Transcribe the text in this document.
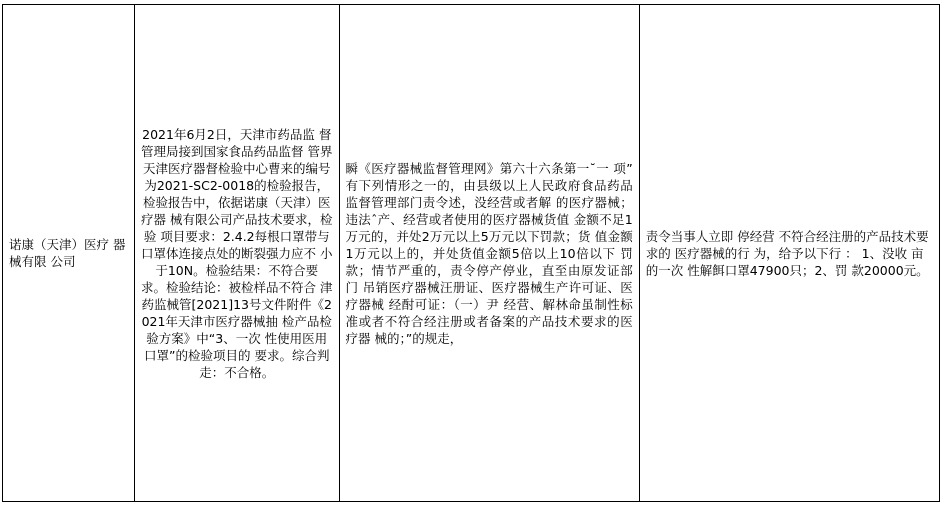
诺康（天津）医疗 器械有限 公司	2021年6月2日，天津市药品监 督管理局接到国家食品药品监督 管界天津医疗器督检验中心曹来的编号为2021-SC2-0018的检验报告，检验报告中，依据诺康（天津）医疗器 械有限公司产品技术要求，检验 项目要求：2.4.2每根口罩带与 口罩体连接点处的断裂强力应不 小于10N。检验结果：不符合要 求。检验结论：被检样品不符合 津药监械管[2021]13号文件附件《2021年天津市医疗器械抽 检产品检验方案》中“3、一次 性使用医用口罩”的检验项目的 要求。综合判走：不合格。	瞬《医疗器械监督管理网》第六十六条第一˘一 项” 有下列情形之一的，由县级以上人民政府食品药品 监督管理部门责令述，没经营或者解 的医疗器械；违法ˆ产、经营或者使用的医疗器械货值 金额不足1万元的，并处2万元以上5万元以下罚款；货 值金额1万元以上的，并处货值金额5倍以上10倍以下 罚款；情节严重的，责令停产停业，直至由原发证部门 吊销医疗器械汪册证、医疗器械生产许可证、医疗器械 经酎可证：（一）尹 经营、解林命虽制性标 准或者不符合经注册或者备案的产品技术要求的医疗器 械的；”的规走，	责令当事人立即 停经营 不符合经注册的产品技术要求的 医疗器械的行 为，给予以下行 ： 1、没收 亩的一次 性解餌口罩47900只；2、罚 款20000元。
